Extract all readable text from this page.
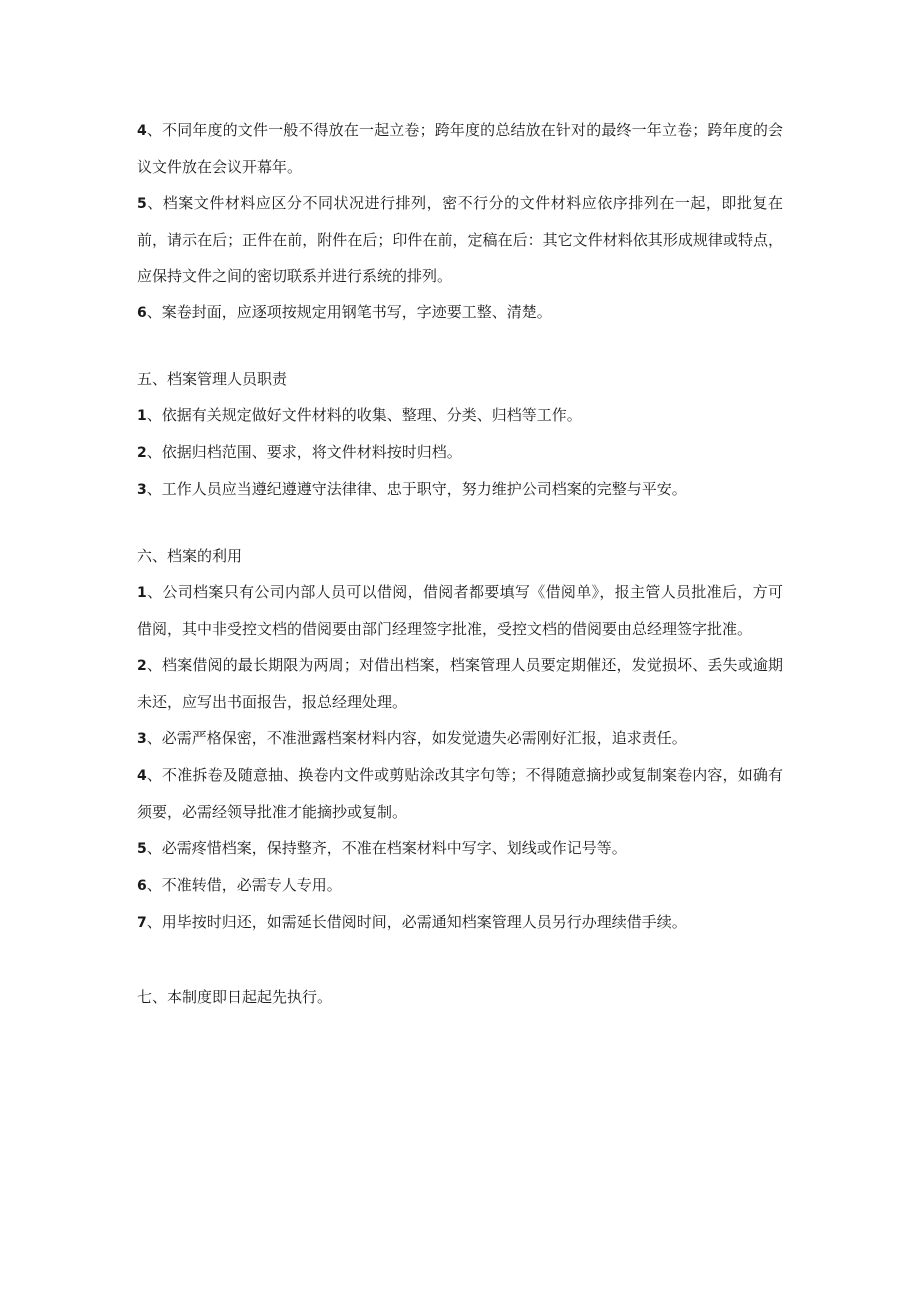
4、不同年度的文件一般不得放在一起立卷；跨年度的总结放在针对的最终一年立卷；跨年度的会议文件放在会议开幕年。

5、档案文件材料应区分不同状况进行排列，密不行分的文件材料应依序排列在一起，即批复在前，请示在后；正件在前，附件在后；印件在前，定稿在后：其它文件材料依其形成规律或特点，应保持文件之间的密切联系并进行系统的排列。

6、案卷封面，应逐项按规定用钢笔书写，字迹要工整、清楚。

五、档案管理人员职责

1、依据有关规定做好文件材料的收集、整理、分类、归档等工作。

2、依据归档范围、要求，将文件材料按时归档。

3、工作人员应当遵纪遵遵守法律律、忠于职守，努力维护公司档案的完整与平安。

六、档案的利用

1、公司档案只有公司内部人员可以借阅，借阅者都要填写《借阅单》，报主管人员批准后，方可借阅，其中非受控文档的借阅要由部门经理签字批准，受控文档的借阅要由总经理签字批准。

2、档案借阅的最长期限为两周；对借出档案，档案管理人员要定期催还，发觉损坏、丢失或逾期未还，应写出书面报告，报总经理处理。

3、必需严格保密，不准泄露档案材料内容，如发觉遗失必需刚好汇报，追求责任。

4、不准拆卷及随意抽、换卷内文件或剪贴涂改其字句等；不得随意摘抄或复制案卷内容，如确有须要，必需经领导批准才能摘抄或复制。

5、必需疼惜档案，保持整齐，不准在档案材料中写字、划线或作记号等。

6、不准转借，必需专人专用。

7、用毕按时归还，如需延长借阅时间，必需通知档案管理人员另行办理续借手续。

七、本制度即日起起先执行。
